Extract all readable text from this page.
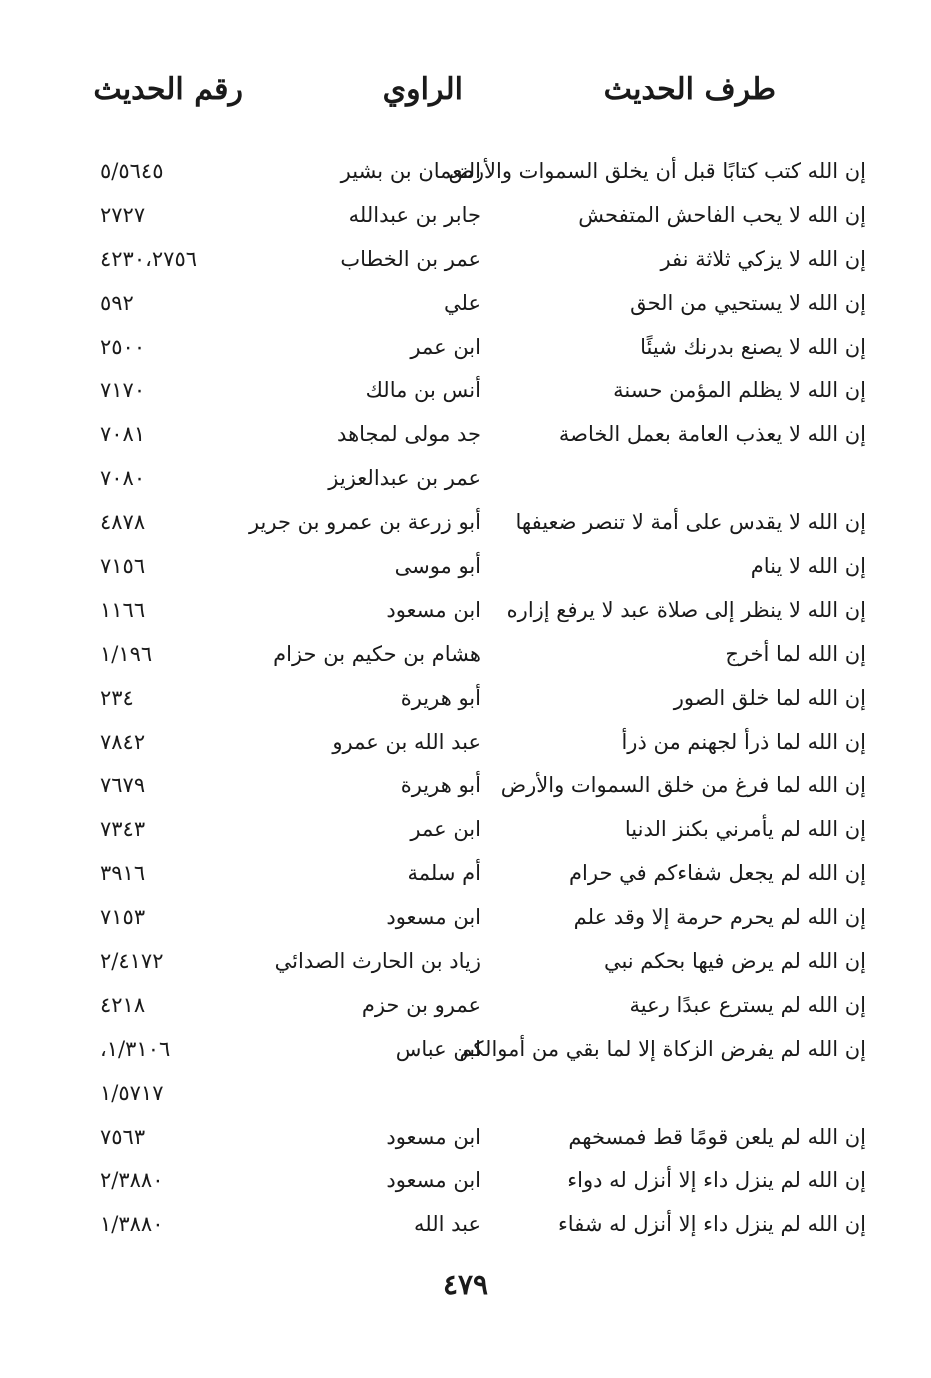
طرف الحديث
الراوي
رقم الحديث
إن الله كتب كتابًا قبل أن يخلق السموات والأرض
النعمان بن بشير
٥/٥٦٤٥
إن الله لا يحب الفاحش المتفحش
جابر بن عبدالله
٢٧٢٧
إن الله لا يزكي ثلاثة نفر
عمر بن الخطاب
٤٢٣٠،٢٧٥٦
إن الله لا يستحيي من الحق
علي
٥٩٢
إن الله لا يصنع بدرنك شيئًا
ابن عمر
٢٥٠٠
إن الله لا يظلم المؤمن حسنة
أنس بن مالك
٧١٧٠
إن الله لا يعذب العامة بعمل الخاصة
جد مولى لمجاهد
٧٠٨١
عمر بن عبدالعزيز
٧٠٨٠
إن الله لا يقدس على أمة لا تنصر ضعيفها
أبو زرعة بن عمرو بن جرير
٤٨٧٨
إن الله لا ينام
أبو موسى
٧١٥٦
إن الله لا ينظر إلى صلاة عبد لا يرفع إزاره
ابن مسعود
١١٦٦
إن الله لما أخرج
هشام بن حكيم بن حزام
١/١٩٦
إن الله لما خلق الصور
أبو هريرة
٢٣٤
إن الله لما ذرأ لجهنم من ذرأ
عبد الله بن عمرو
٧٨٤٢
إن الله لما فرغ من خلق السموات والأرض
أبو هريرة
٧٦٧٩
إن الله لم يأمرني بكنز الدنيا
ابن عمر
٧٣٤٣
إن الله لم يجعل شفاءكم في حرام
أم سلمة
٣٩١٦
إن الله لم يحرم حرمة إلا وقد علم
ابن مسعود
٧١٥٣
إن الله لم يرض فيها بحكم نبي
زياد بن الحارث الصدائي
٢/٤١٧٢
إن الله لم يسترع عبدًا رعية
عمرو بن حزم
٤٢١٨
إن الله لم يفرض الزكاة إلا لما بقي من أموالكم
ابن عباس
١/٣١٠٦،
١/٥٧١٧
إن الله لم يلعن قومًا قط فمسخهم
ابن مسعود
٧٥٦٣
إن الله لم ينزل داء إلا أنزل له دواء
ابن مسعود
٢/٣٨٨٠
إن الله لم ينزل داء إلا أنزل له شفاء
عبد الله
١/٣٨٨٠
٤٧٩
